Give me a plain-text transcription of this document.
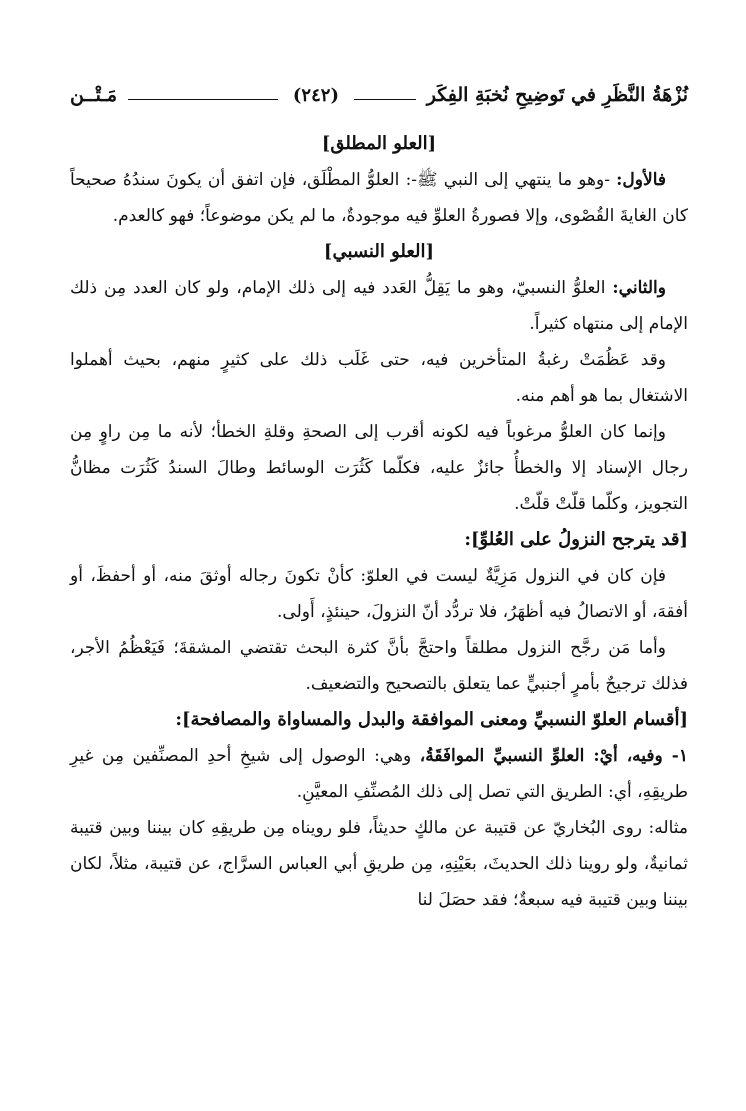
نُزْهَةُ النَّظَرِ في تَوضِيحِ نُخبَةِ الفِكَر
(٢٤٢)
مَـتْــن
[العلو المطلق]

فالأول: -وهو ما ينتهي إلى النبي ﷺ-: العلوُّ المطْلَق، فإن اتفق أن يكونَ سندُهُ صحيحاً كان الغايةَ القُصْوى، وإلا فصورةُ العلوِّ فيه موجودةٌ، ما لم يكن موضوعاً؛ فهو كالعدم.

[العلو النسبي]

والثاني: العلوُّ النسبيّ، وهو ما يَقِلُّ العَدد فيه إلى ذلك الإمام، ولو كان العدد مِن ذلك الإمام إلى منتهاه كثيراً.

وقد عَظُمَتْ رغبةُ المتأخرين فيه، حتى غَلَب ذلك على كثيرٍ منهم، بحيث أهملوا الاشتغال بما هو أهم منه.

وإنما كان العلوُّ مرغوباً فيه لكونه أقرب إلى الصحةِ وقلةِ الخطأ؛ لأنه ما مِن راوٍ مِن رجال الإسناد إلا والخطأُ جائزٌ عليه، فكلّما كَثُرَت الوسائط وطالَ السندُ كَثُرَت مظانُّ التجويز، وكلّما قلّتْ قلّتْ.

[قد يترجح النزولُ على العُلوِّ]:

فإن كان في النزول مَزِيَّةٌ ليست في العلوّ: كأنْ تكونَ رجاله أوثقَ منه، أو أحفظَ، أو أفقهَ، أو الاتصالُ فيه أظهَرُ، فلا تردُّد أنّ النزولَ، حينئذٍ، أَولى.

وأما مَن رجَّح النزول مطلقاً واحتجَّ بأنَّ كثرة البحث تقتضي المشقةَ؛ فَيَعْظُمُ الأجر، فذلك ترجيحٌ بأمرٍ أجنبيٍّ عما يتعلق بالتصحيح والتضعيف.

[أقسام العلوّ النسبيِّ ومعنى الموافقة والبدل والمساواة والمصافحة]:

١- وفيه، أيْ: العلوِّ النسبيِّ الموافَقَةُ، وهي: الوصول إلى شيخِ أحدِ المصنِّفين مِن غيرِ طريقِهِ، أي: الطريق التي تصل إلى ذلك المُصنِّفِ المعيَّنِ.

مثاله: روى البُخاريّ عن قتيبة عن مالكٍ حديثاً، فلو رويناه مِن طريقِهِ كان بيننا وبين قتيبة ثمانيةٌ، ولو روينا ذلك الحديثَ، بعَيْنِهِ، مِن طريقِ أبي العباس السرَّاج، عن قتيبة، مثلاً، لكان بيننا وبين قتيبة فيه سبعةٌ؛ فقد حصَلَ لنا
